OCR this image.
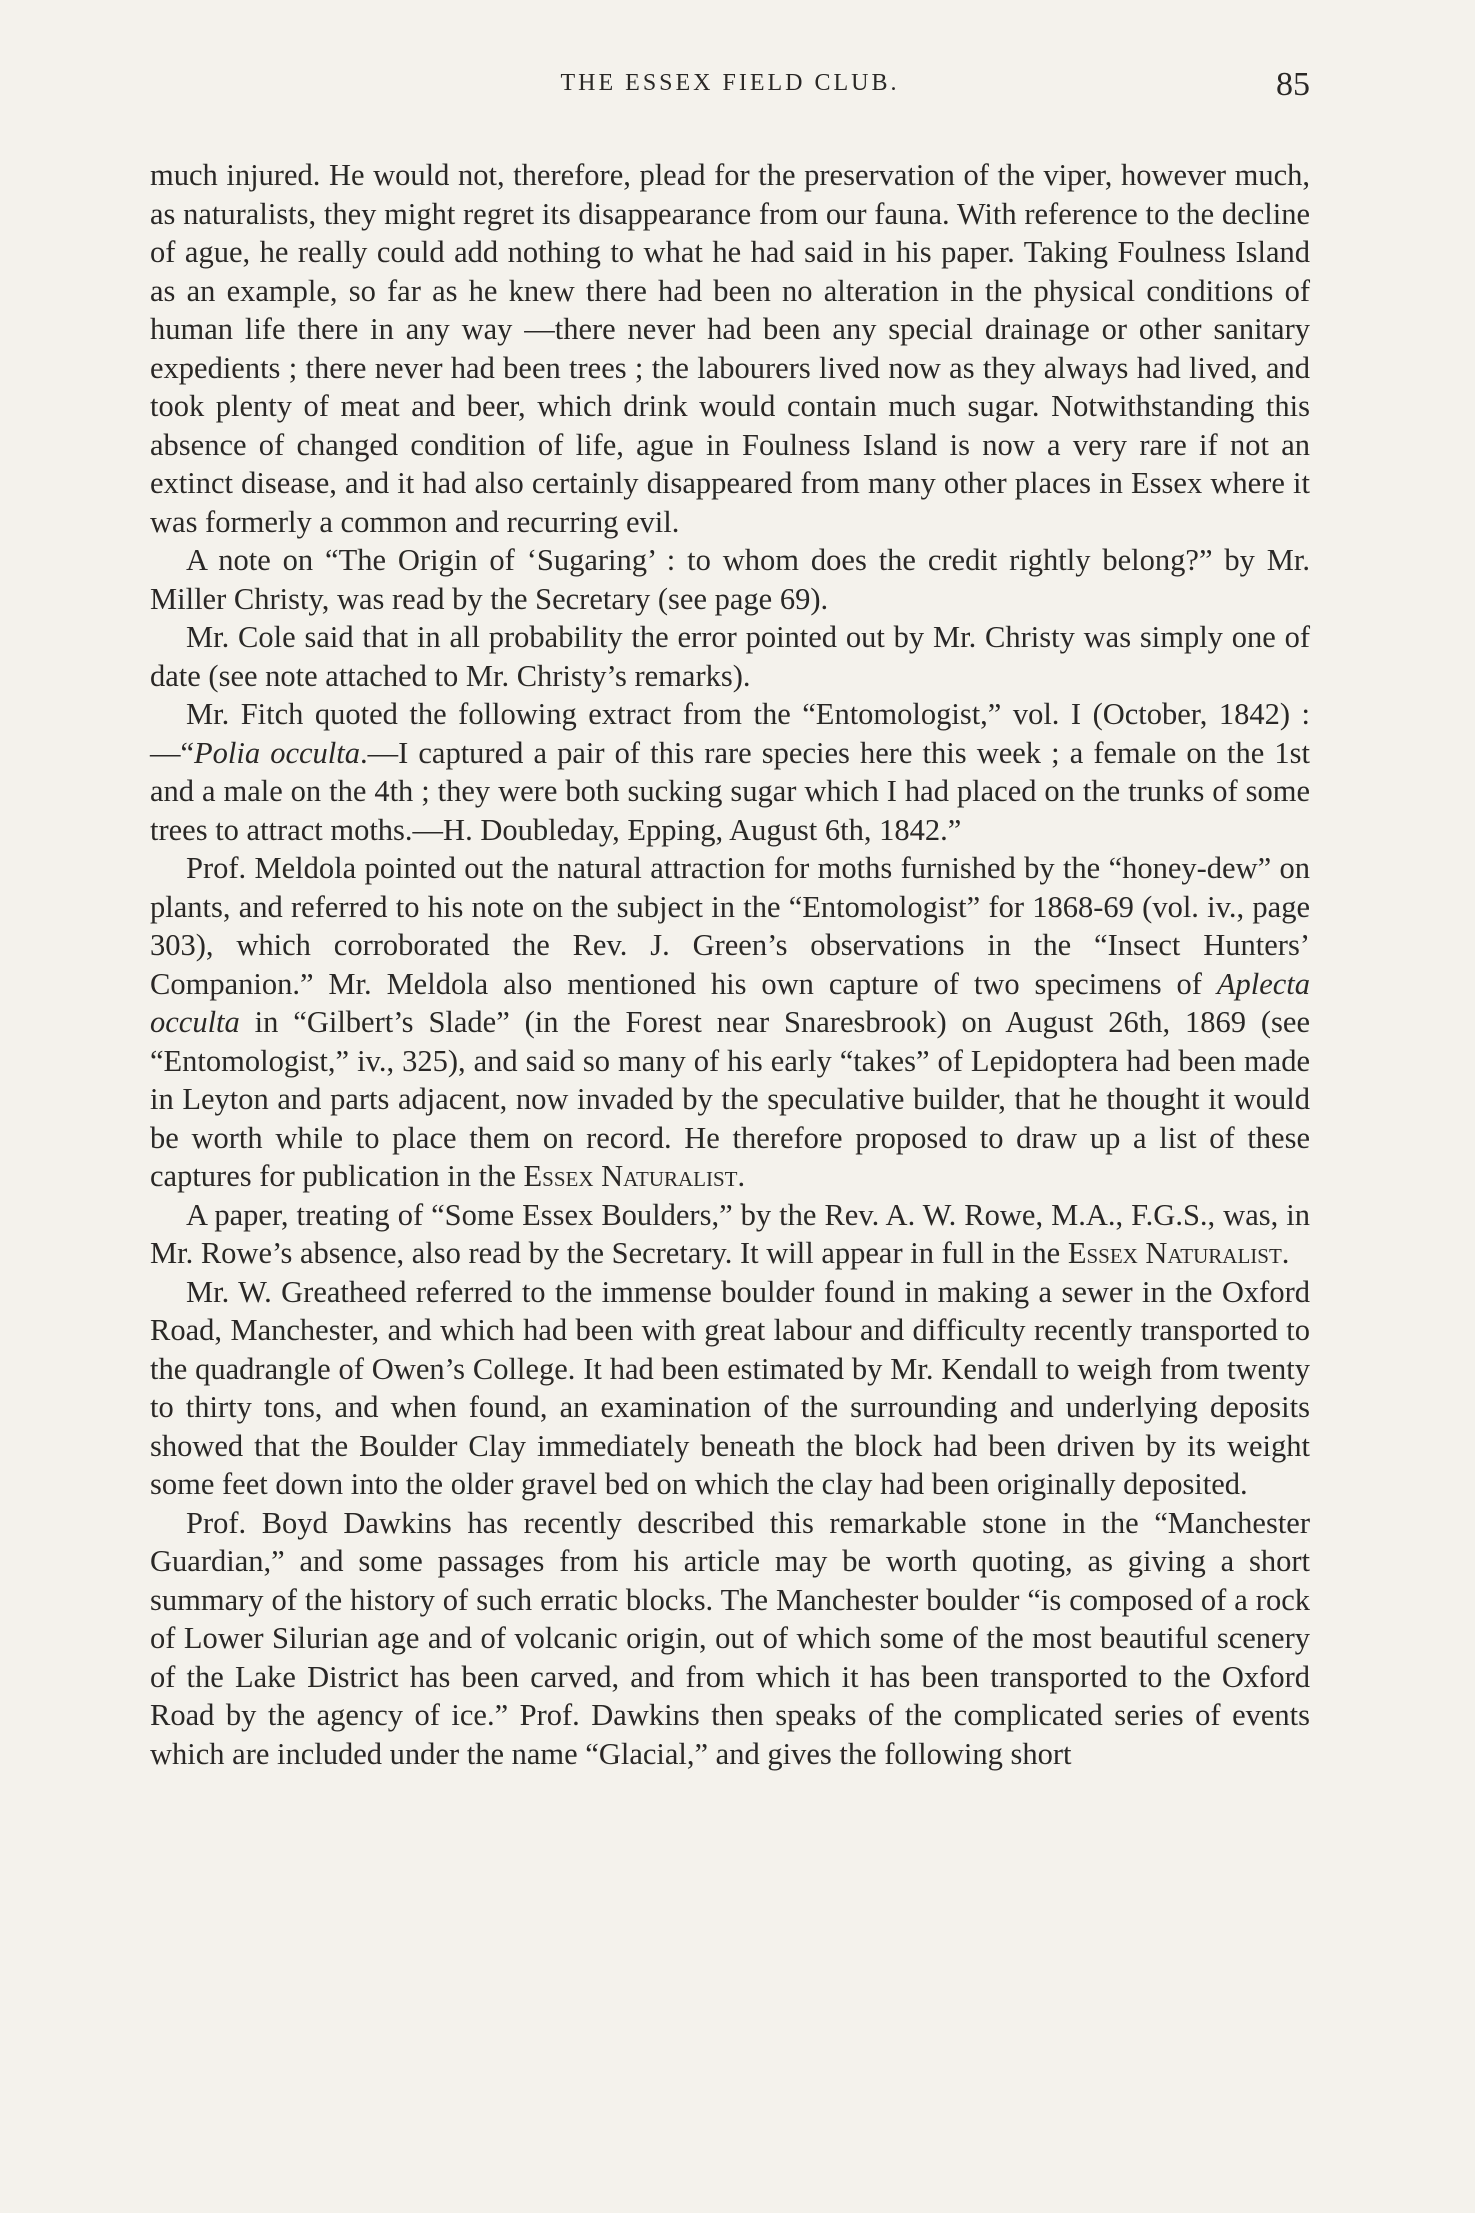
THE ESSEX FIELD CLUB.	85

much injured. He would not, therefore, plead for the preservation of the viper, however much, as naturalists, they might regret its disappearance from our fauna. With reference to the decline of ague, he really could add nothing to what he had said in his paper. Taking Foulness Island as an example, so far as he knew there had been no alteration in the physical conditions of human life there in any way —there never had been any special drainage or other sanitary expedients ; there never had been trees ; the labourers lived now as they always had lived, and took plenty of meat and beer, which drink would contain much sugar. Notwithstanding this absence of changed condition of life, ague in Foulness Island is now a very rare if not an extinct disease, and it had also certainly disappeared from many other places in Essex where it was formerly a common and recurring evil.

A note on “The Origin of ‘Sugaring’ : to whom does the credit rightly belong?” by Mr. Miller Christy, was read by the Secretary (see page 69).

Mr. Cole said that in all probability the error pointed out by Mr. Christy was simply one of date (see note attached to Mr. Christy’s remarks).

Mr. Fitch quoted the following extract from the “Entomologist,” vol. I (October, 1842) :—“Polia occulta.—I captured a pair of this rare species here this week ; a female on the 1st and a male on the 4th ; they were both sucking sugar which I had placed on the trunks of some trees to attract moths.—H. Doubleday, Epping, August 6th, 1842.”

Prof. Meldola pointed out the natural attraction for moths furnished by the “honey-dew” on plants, and referred to his note on the subject in the “Entomologist” for 1868-69 (vol. iv., page 303), which corroborated the Rev. J. Green’s observations in the “Insect Hunters’ Companion.” Mr. Meldola also mentioned his own capture of two specimens of Aplecta occulta in “Gilbert’s Slade” (in the Forest near Snaresbrook) on August 26th, 1869 (see “Entomologist,” iv., 325), and said so many of his early “takes” of Lepidoptera had been made in Leyton and parts adjacent, now invaded by the speculative builder, that he thought it would be worth while to place them on record. He therefore proposed to draw up a list of these captures for publication in the Essex Naturalist.

A paper, treating of “Some Essex Boulders,” by the Rev. A. W. Rowe, M.A., F.G.S., was, in Mr. Rowe’s absence, also read by the Secretary. It will appear in full in the Essex Naturalist.

Mr. W. Greatheed referred to the immense boulder found in making a sewer in the Oxford Road, Manchester, and which had been with great labour and difficulty recently transported to the quadrangle of Owen’s College. It had been estimated by Mr. Kendall to weigh from twenty to thirty tons, and when found, an examination of the surrounding and underlying deposits showed that the Boulder Clay immediately beneath the block had been driven by its weight some feet down into the older gravel bed on which the clay had been originally deposited.

Prof. Boyd Dawkins has recently described this remarkable stone in the “Manchester Guardian,” and some passages from his article may be worth quoting, as giving a short summary of the history of such erratic blocks. The Manchester boulder “is composed of a rock of Lower Silurian age and of volcanic origin, out of which some of the most beautiful scenery of the Lake District has been carved, and from which it has been transported to the Oxford Road by the agency of ice.” Prof. Dawkins then speaks of the complicated series of events which are included under the name “Glacial,” and gives the following short
